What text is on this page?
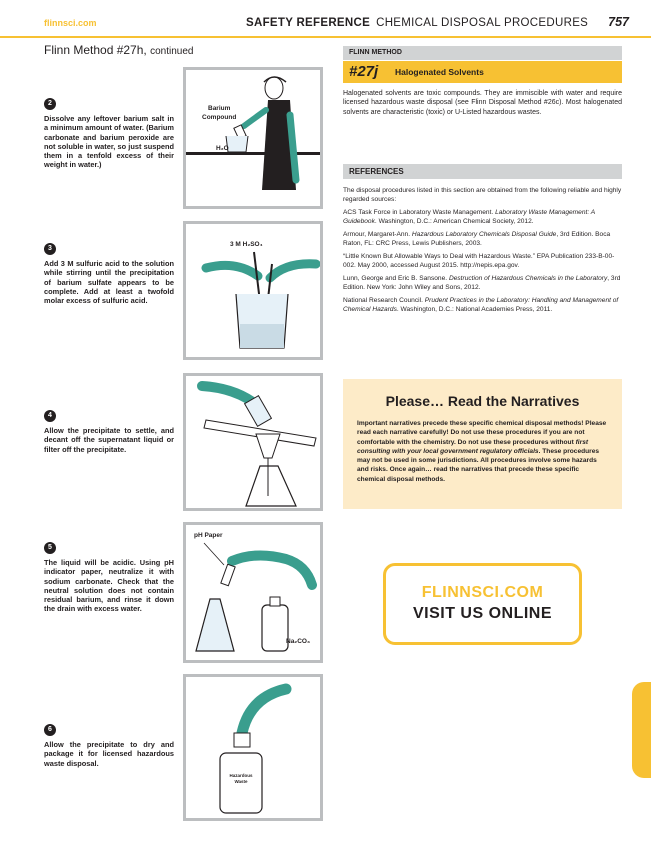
flinnsci.com	SAFETY REFERENCE CHEMICAL DISPOSAL PROCEDURES 757
Flinn Method #27h, continued
2
Dissolve any leftover barium salt in a minimum amount of water. (Barium carbonate and barium peroxide are not soluble in water, so just suspend them in a tenfold excess of their weight in water.)
3
Add 3 M sulfuric acid to the solution while stirring until the precipitation of barium sulfate appears to be complete. Add at least a twofold molar excess of sulfuric acid.
4
Allow the precipitate to settle, and decant off the supernatant liquid or filter off the precipitate.
5
The liquid will be acidic. Using pH indicator paper, neutralize it with sodium carbonate. Check that the neutral solution does not contain residual barium, and rinse it down the drain with excess water.
6
Allow the precipitate to dry and package it for licensed hazardous waste disposal.
Barium
Compound
H₂O
3 M H₂SO₄
pH Paper
Na₂CO₃
Hazardous
Waste
FLINN METHOD
#27j Halogenated Solvents
Halogenated solvents are toxic compounds. They are immiscible with water and require licensed hazardous waste disposal (see Flinn Disposal Method #26c). Most halogenated solvents are characteristic (toxic) or U-Listed hazardous wastes.
REFERENCES

The disposal procedures listed in this section are obtained from the following reliable and highly regarded sources:

ACS Task Force in Laboratory Waste Management. Laboratory Waste Management: A Guidebook. Washington, D.C.: American Chemical Society, 2012.

Armour, Margaret-Ann. Hazardous Laboratory Chemicals Disposal Guide, 3rd Edition. Boca Raton, FL: CRC Press, Lewis Publishers, 2003.

“Little Known But Allowable Ways to Deal with Hazardous Waste.” EPA Publication 233-B-00-002. May 2000, accessed August 2015. http://nepis.epa.gov.

Lunn, George and Eric B. Sansone. Destruction of Hazardous Chemicals in the Laboratory, 3rd Edition. New York: John Wiley and Sons, 2012.

National Research Council. Prudent Practices in the Laboratory: Handling and Management of Chemical Hazards. Washington, D.C.: National Academies Press, 2011.

Please… Read the Narratives
Important narratives precede these specific chemical disposal methods! Please read each narrative carefully! Do not use these procedures if you are not comfortable with the chemistry. Do not use these procedures without first consulting with your local government regulatory officials. These procedures may not be used in some jurisdictions. All procedures involve some hazards and risks. Once again… read the narratives that precede these specific chemical disposal methods.
FLINNSCI.COM
VISIT US ONLINE
